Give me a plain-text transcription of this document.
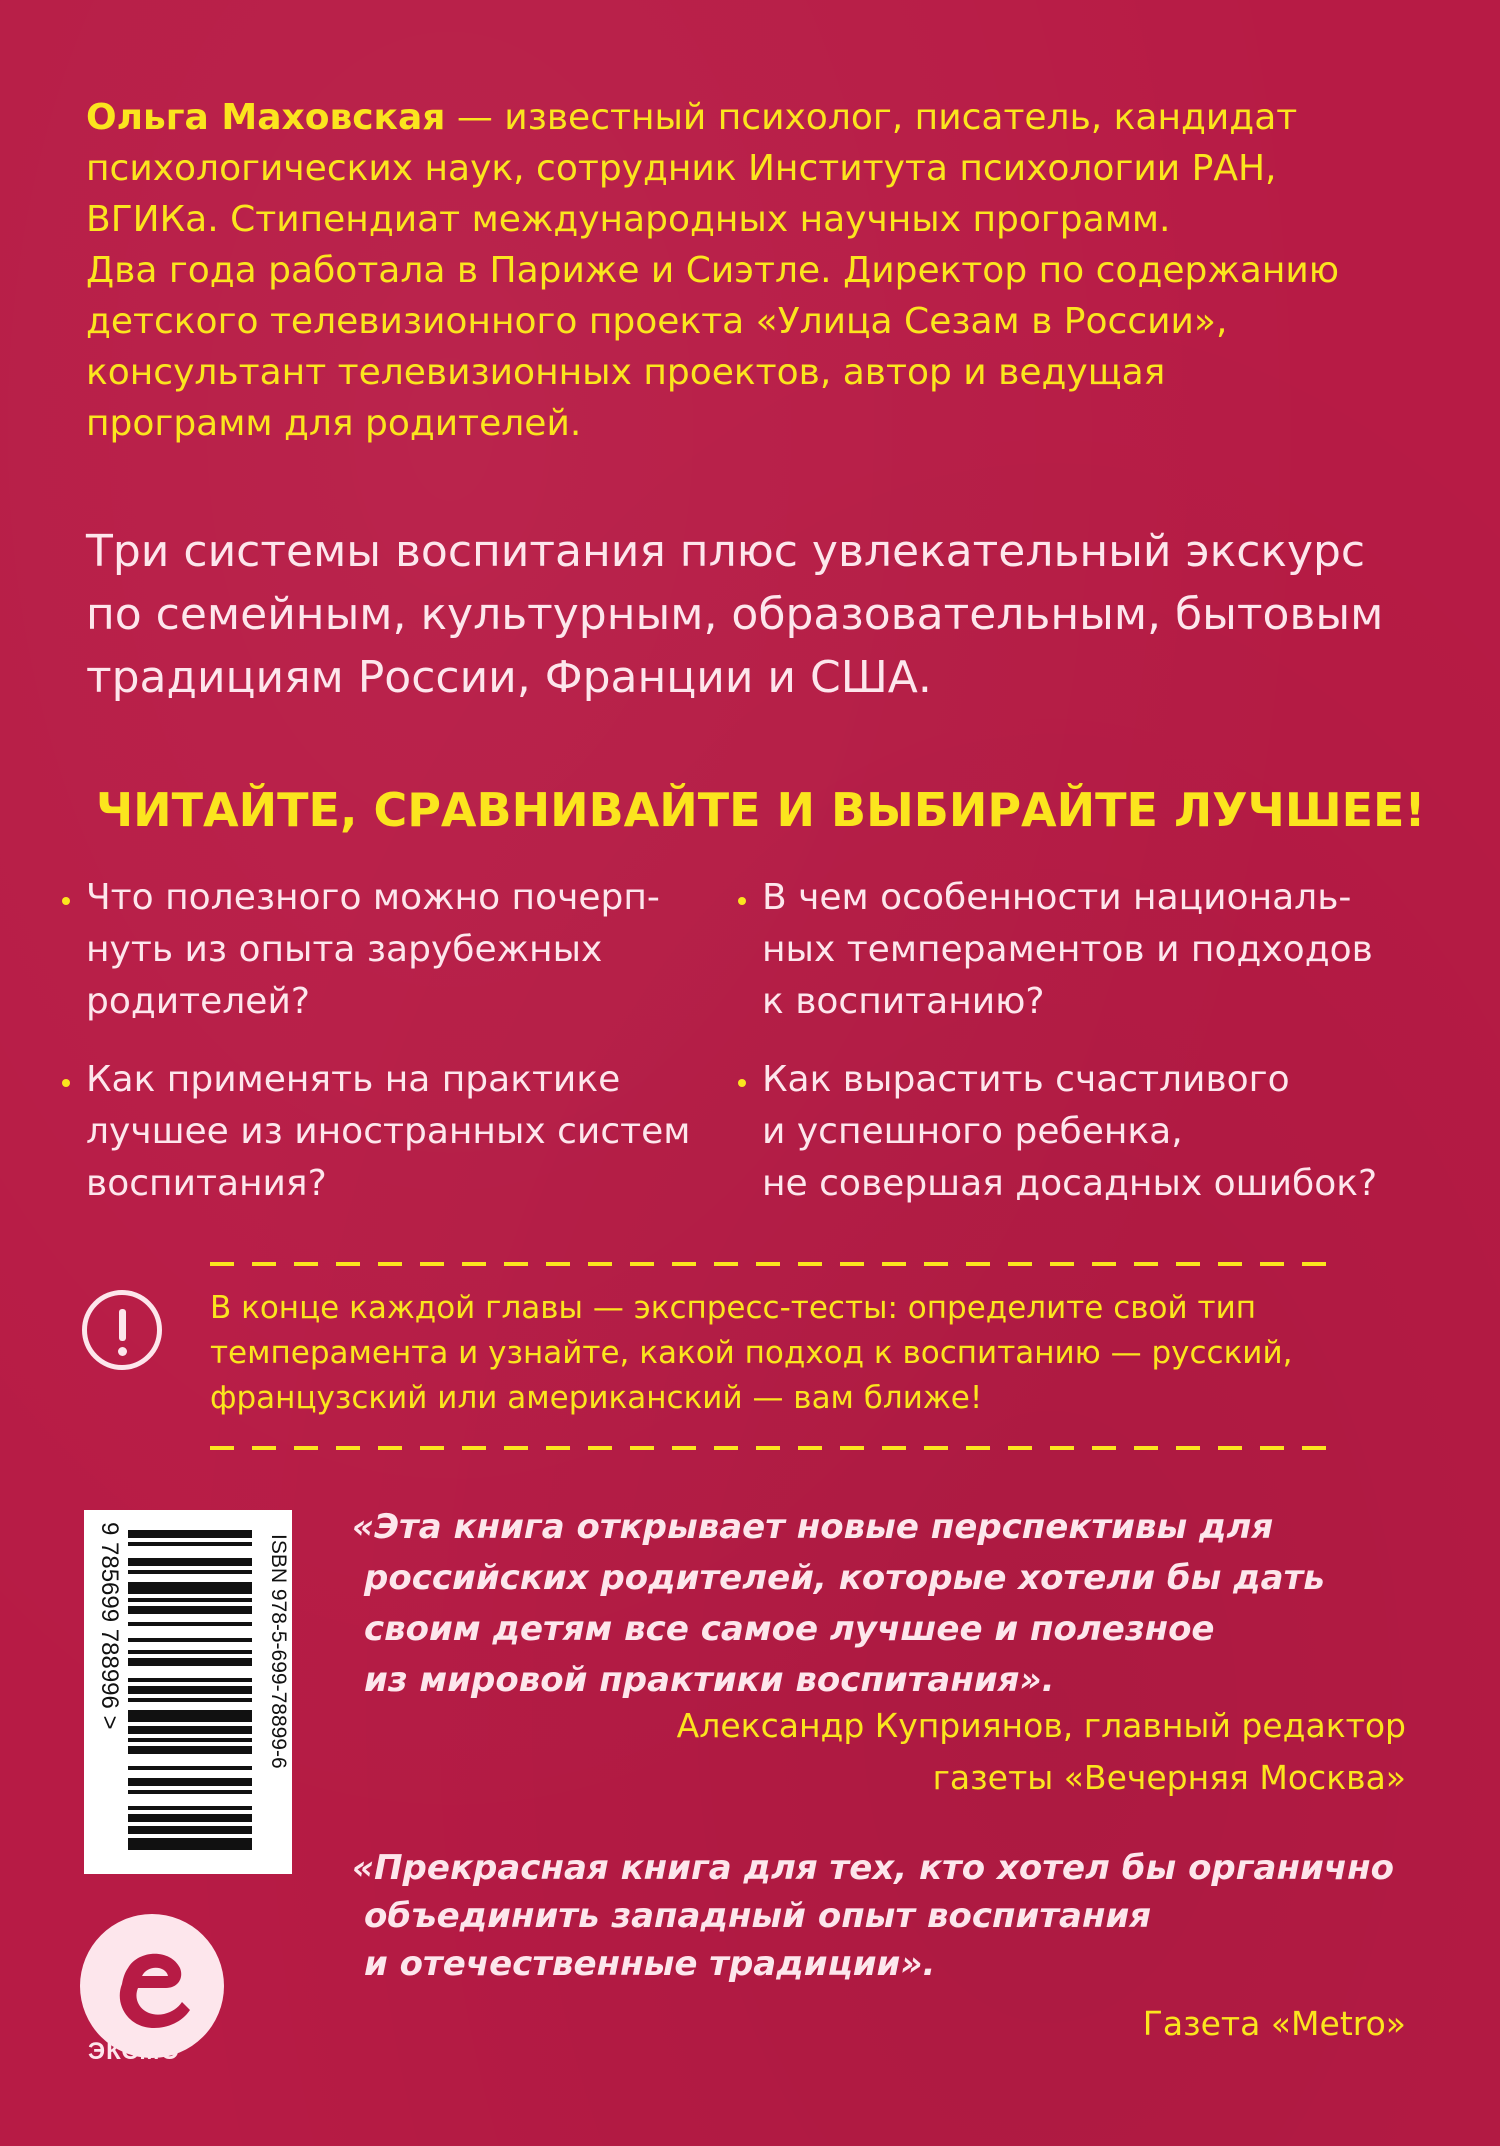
Ольга Маховская — известный психолог, писатель, кандидат

психологических наук, сотрудник Института психологии РАН,

ВГИКа. Стипендиат международных научных программ.

Два года работала в Париже и Сиэтле. Директор по содержанию

детского телевизионного проекта «Улица Сезам в России»,

консультант телевизионных проектов, автор и ведущая

программ для родителей.

Три системы воспитания плюс увлекательный экскурс

по семейным, культурным, образовательным, бытовым

традициям России, Франции и США.

ЧИТАЙТЕ, СРАВНИВАЙТЕ И ВЫБИРАЙТЕ ЛУЧШЕЕ!

Что полезного можно почерп-

нуть из опыта зарубежных

родителей?

В чем особенности националь-

ных темпераментов и подходов

к воспитанию?

Как применять на практике

лучшее из иностранных систем

воспитания?

Как вырастить счастливого

и успешного ребенка,

не совершая досадных ошибок?

В конце каждой главы — экспресс-тесты: определите свой тип

темперамента и узнайте, какой подход к воспитанию — русский,

французский или американский — вам ближе!

ISBN 978-5-699-78899-6
9 785699 788996 >	«Эта книга открывает новые перспективы для

российских родителей, которые хотели бы дать

своим детям все самое лучшее и полезное

из мировой практики воспитания».

Александр Куприянов, главный редактор

газеты «Вечерняя Москва»

«Прекрасная книга для тех, кто хотел бы органично

объединить западный опыт воспитания

и отечественные традиции».

Газета «Metro»
ЭКСМО
